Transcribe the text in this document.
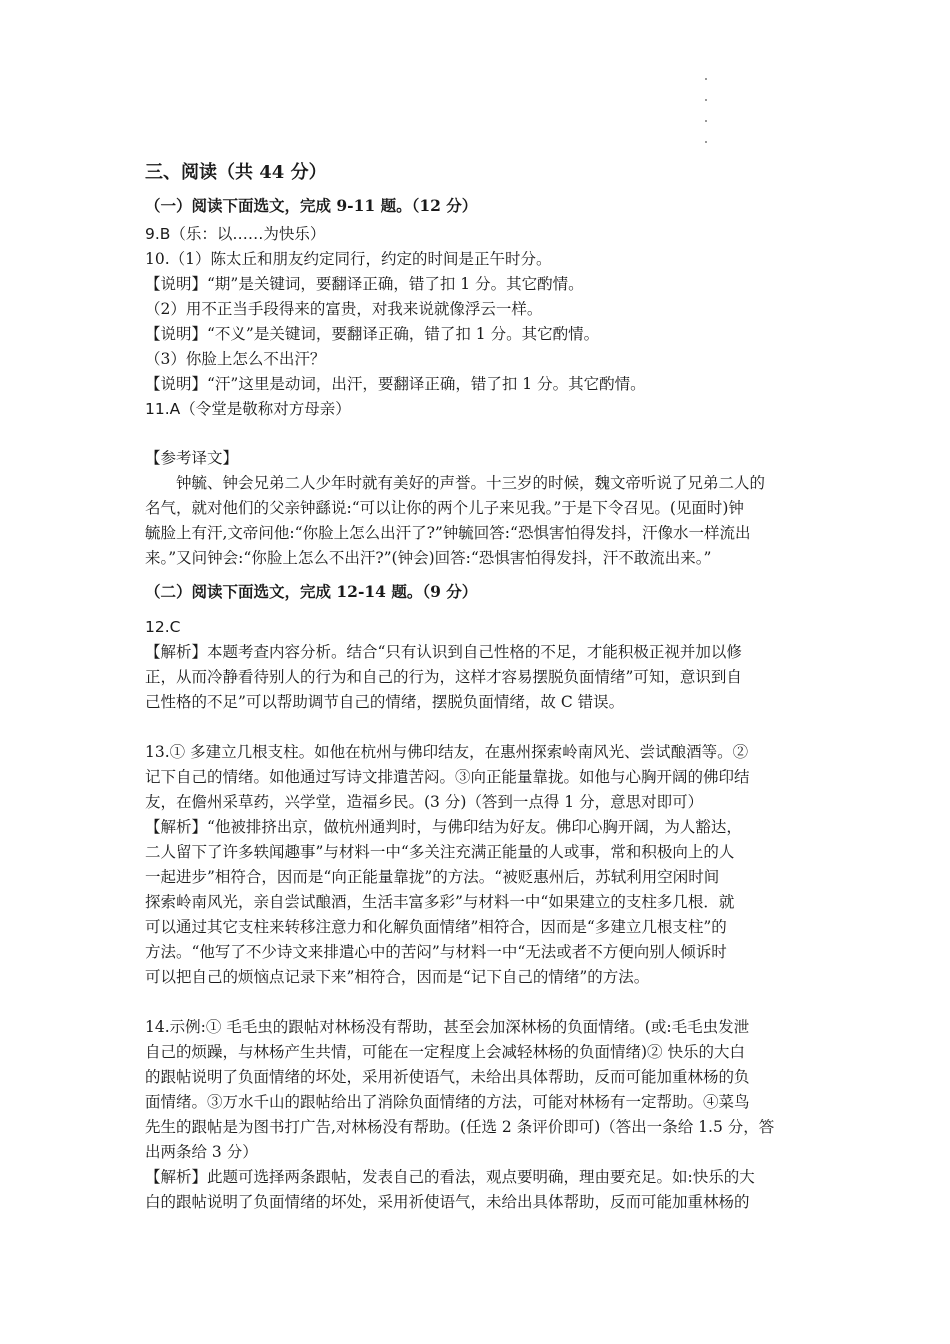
三、阅读（共 44 分）
（一）阅读下面选文，完成 9-11 题。（12 分）
9.B（乐：以……为快乐）
10.（1）陈太丘和朋友约定同行，约定的时间是正午时分。
【说明】“期”是关键词，要翻译正确，错了扣 1 分。其它酌情。
（2）用不正当手段得来的富贵，对我来说就像浮云一样。
【说明】“不义”是关键词，要翻译正确，错了扣 1 分。其它酌情。
（3）你脸上怎么不出汗？
【说明】“汗”这里是动词，出汗，要翻译正确，错了扣 1 分。其它酌情。
11.A（令堂是敬称对方母亲）
【参考译文】
钟毓、钟会兄弟二人少年时就有美好的声誉。十三岁的时候，魏文帝听说了兄弟二人的
名气，就对他们的父亲钟繇说:“可以让你的两个儿子来见我。”于是下令召见。(见面时)钟
毓脸上有汗,文帝问他:“你脸上怎么出汗了?”钟毓回答:“恐惧害怕得发抖，汗像水一样流出
来。”又问钟会:“你脸上怎么不出汗?”(钟会)回答:“恐惧害怕得发抖，汗不敢流出来。”
（二）阅读下面选文，完成 12-14 题。（9 分）
12.C
【解析】本题考查内容分析。结合“只有认识到自己性格的不足，才能积极正视并加以修
正，从而冷静看待别人的行为和自己的行为，这样才容易摆脱负面情绪”可知，意识到自
己性格的不足”可以帮助调节自己的情绪，摆脱负面情绪，故 C 错误。
13.① 多建立几根支柱。如他在杭州与佛印结友，在惠州探索岭南风光、尝试酿酒等。②
记下自己的情绪。如他通过写诗文排遣苦闷。③向正能量靠拢。如他与心胸开阔的佛印结
友，在儋州采草药，兴学堂，造福乡民。(3 分)（答到一点得 1 分，意思对即可）
【解析】“他被排挤出京，做杭州通判时，与佛印结为好友。佛印心胸开阔，为人豁达，
二人留下了许多轶闻趣事”与材料一中“多关注充满正能量的人或事，常和积极向上的人
一起进步”相符合，因而是“向正能量靠拢”的方法。“被贬惠州后，苏轼利用空闲时间
探索岭南风光，亲自尝试酿酒，生活丰富多彩”与材料一中“如果建立的支柱多几根．就
可以通过其它支柱来转移注意力和化解负面情绪”相符合，因而是“多建立几根支柱”的
方法。“他写了不少诗文来排遣心中的苦闷”与材料一中“无法或者不方便向别人倾诉时
可以把自己的烦恼点记录下来”相符合，因而是“记下自己的情绪”的方法。
14.示例:① 毛毛虫的跟帖对林杨没有帮助，甚至会加深林杨的负面情绪。(或:毛毛虫发泄
自己的烦躁，与林杨产生共情，可能在一定程度上会减轻林杨的负面情绪)② 快乐的大白
的跟帖说明了负面情绪的坏处，采用祈使语气，未给出具体帮助，反而可能加重林杨的负
面情绪。③万水千山的跟帖给出了消除负面情绪的方法，可能对林杨有一定帮助。④菜鸟
先生的跟帖是为图书打广告,对林杨没有帮助。(任选 2 条评价即可)（答出一条给 1.5 分，答
出两条给 3 分）
【解析】此题可选择两条跟帖，发表自己的看法，观点要明确，理由要充足。如:快乐的大
白的跟帖说明了负面情绪的坏处，采用祈使语气，未给出具体帮助，反而可能加重林杨的
